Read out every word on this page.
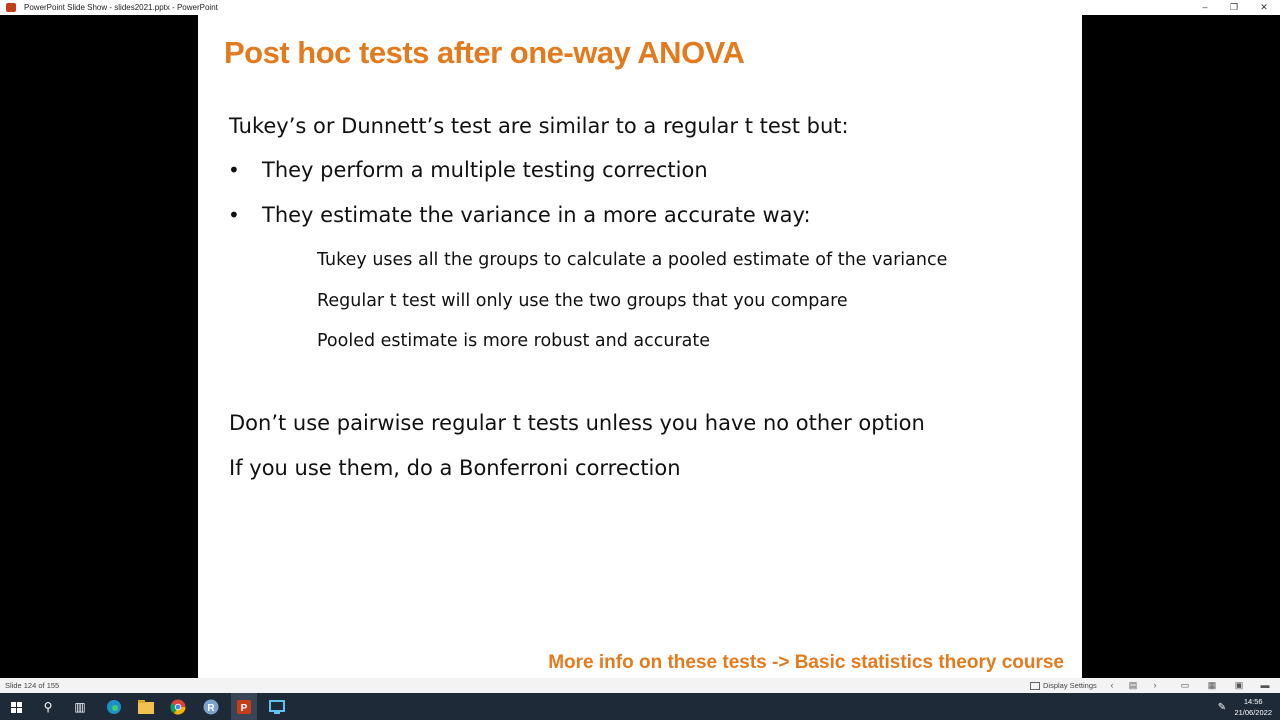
PowerPoint Slide Show - slides2021.pptx - PowerPoint	–	❐	✕
Post hoc tests after one-way ANOVA
Tukey’s or Dunnett’s test are similar to a regular t test but:
• They perform a multiple testing correction
• They estimate the variance in a more accurate way:
Tukey uses all the groups to calculate a pooled estimate of the variance
Regular t test will only use the two groups that you compare
Pooled estimate is more robust and accurate
Don’t use pairwise regular t tests unless you have no other option
If you use them, do a Bonferroni correction
More info on these tests -> Basic statistics theory course
Slide 124 of 155	Display Settings	▤
‹	›	▭ ▦ ▣ ▬
⚲	▥	R	P	✎	14:56
21/06/2022
